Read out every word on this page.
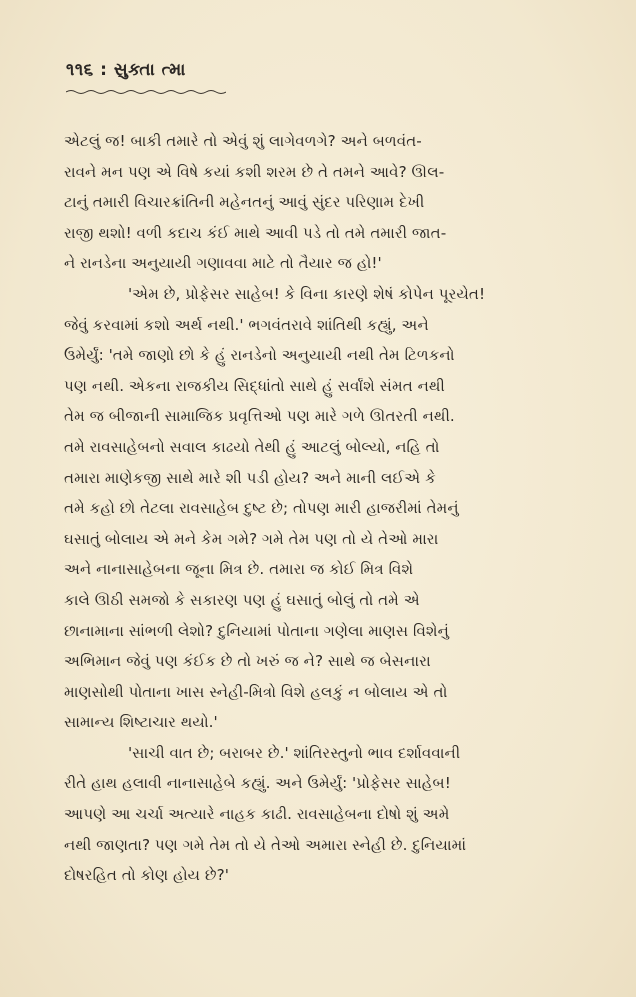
૧૧૬ : સુક્તા ત્મા
એટલું જ! બાકી તમારે તો એવું શું લાગેવળગે? અને બળવંત-
રાવને મન પણ એ વિષે કયાં કશી શરમ છે તે તમને આવે? ઊલ-
ટાનું તમારી વિચારક્રાંતિની મહેનતનું આવું સુંદર પરિણામ દેખી
રાજી થશો! વળી કદાચ કંઈ માથે આવી પડે તો તમે તમારી જાત-
ને રાનડેના અનુયાયી ગણાવવા માટે તો તૈયાર જ હો!'
'એમ છે, પ્રોફેસર સાહેબ! કે વિના કારણે શેષં કોપેન પૂરયેત!
જેવું કરવામાં કશો અર્થ નથી.' ભગવંતરાવે શાંતિથી કહ્યું, અને
ઉમેર્યું: 'તમે જાણો છો કે હું રાનડેનો અનુયાયી નથી તેમ ટિળકનો
પણ નથી. એકના રાજકીય સિદ્ધાંતો સાથે હું સર્વાંશે સંમત નથી
તેમ જ બીજાની સામાજિક પ્રવૃત્તિઓ પણ મારે ગળે ઊતરતી નથી.
તમે રાવસાહેબનો સવાલ કાઢયો તેથી હું આટલું બોલ્યો, નહિ તો
તમારા માણેકજી સાથે મારે શી પડી હોય? અને માની લઈએ કે
તમે કહો છો તેટલા રાવસાહેબ દુષ્ટ છે; તોપણ મારી હાજરીમાં તેમનું
ઘસાતું બોલાય એ મને કેમ ગમે? ગમે તેમ પણ તો યે તેઓ મારા
અને નાનાસાહેબના જૂના મિત્ર છે. તમારા જ કોઈ મિત્ર વિશે
કાલે ઊઠી સમજો કે સકારણ પણ હું ઘસાતું બોલું તો તમે એ
છાનામાના સાંભળી લેશો? દુનિયામાં પોતાના ગણેલા માણસ વિશેનું
અભિમાન જેવું પણ કંઈક છે તો ખરું જ ને? સાથે જ બેસનારા
માણસોથી પોતાના ખાસ સ્નેહી-મિત્રો વિશે હલકું ન બોલાય એ તો
સામાન્ય શિષ્ટાચાર થયો.'
'સાચી વાત છે; બરાબર છે.' શાંતિરસ્તુનો ભાવ દર્શાવવાની
રીતે હાથ હલાવી નાનાસાહેબે કહ્યું. અને ઉમેર્યું: 'પ્રોફેસર સાહેબ!
આપણે આ ચર્ચા અત્યારે નાહક કાઢી. રાવસાહેબના દોષો શું અમે
નથી જાણતા? પણ ગમે તેમ તો યે તેઓ અમારા સ્નેહી છે. દુનિયામાં
દોષરહિત તો કોણ હોય છે?'
